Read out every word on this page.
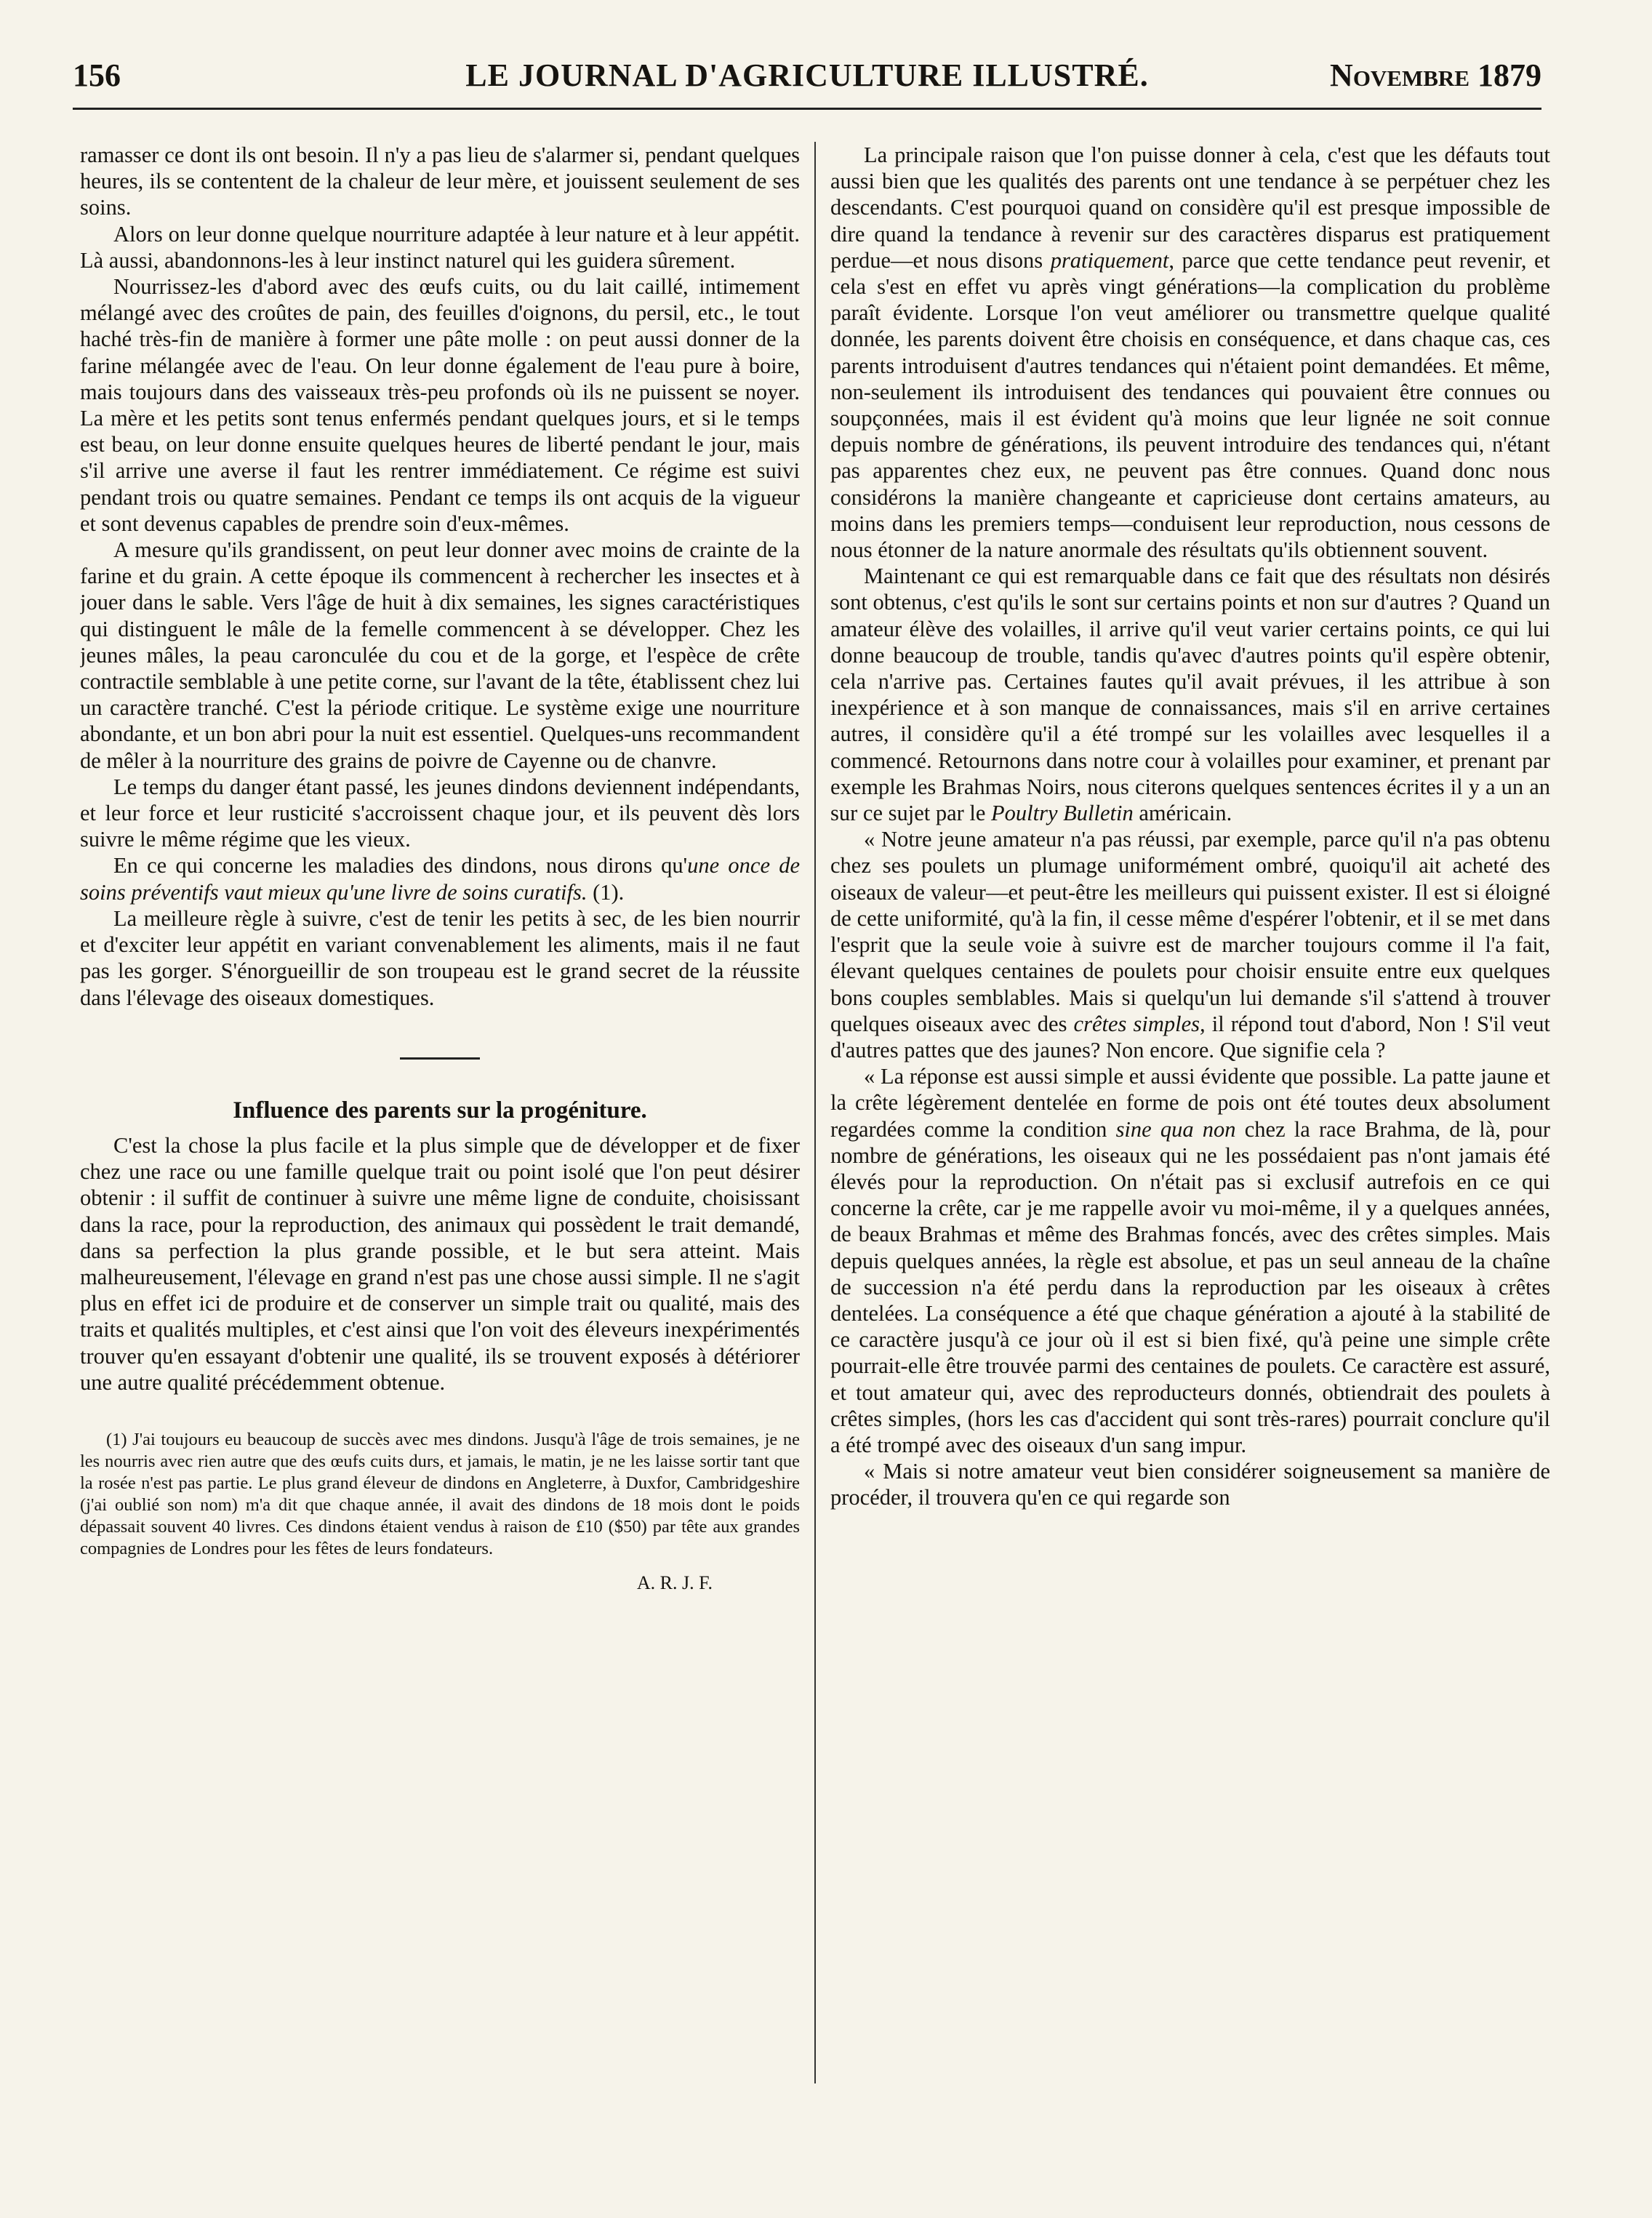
156	LE JOURNAL D'AGRICULTURE ILLUSTRÉ.	Novembre 1879

ramasser ce dont ils ont besoin. Il n'y a pas lieu de s'alarmer si, pendant quelques heures, ils se contentent de la chaleur de leur mère, et jouissent seulement de ses soins.

Alors on leur donne quelque nourriture adaptée à leur nature et à leur appétit. Là aussi, abandonnons-les à leur instinct naturel qui les guidera sûrement.

Nourrissez-les d'abord avec des œufs cuits, ou du lait caillé, intimement mélangé avec des croûtes de pain, des feuilles d'oignons, du persil, etc., le tout haché très-fin de manière à former une pâte molle : on peut aussi donner de la farine mélangée avec de l'eau. On leur donne également de l'eau pure à boire, mais toujours dans des vaisseaux très-peu profonds où ils ne puissent se noyer. La mère et les petits sont tenus enfermés pendant quelques jours, et si le temps est beau, on leur donne ensuite quelques heures de liberté pendant le jour, mais s'il arrive une averse il faut les rentrer immédiatement. Ce régime est suivi pendant trois ou quatre semaines. Pendant ce temps ils ont acquis de la vigueur et sont devenus capables de prendre soin d'eux-mêmes.

A mesure qu'ils grandissent, on peut leur donner avec moins de crainte de la farine et du grain. A cette époque ils commencent à rechercher les insectes et à jouer dans le sable. Vers l'âge de huit à dix semaines, les signes caractéristiques qui distinguent le mâle de la femelle commencent à se développer. Chez les jeunes mâles, la peau caronculée du cou et de la gorge, et l'espèce de crête contractile semblable à une petite corne, sur l'avant de la tête, établissent chez lui un caractère tranché. C'est la période critique. Le système exige une nourriture abondante, et un bon abri pour la nuit est essentiel. Quelques-uns recommandent de mêler à la nourriture des grains de poivre de Cayenne ou de chanvre.

Le temps du danger étant passé, les jeunes dindons deviennent indépendants, et leur force et leur rusticité s'accroissent chaque jour, et ils peuvent dès lors suivre le même régime que les vieux.

En ce qui concerne les maladies des dindons, nous dirons qu'une once de soins préventifs vaut mieux qu'une livre de soins curatifs. (1).

La meilleure règle à suivre, c'est de tenir les petits à sec, de les bien nourrir et d'exciter leur appétit en variant convenablement les aliments, mais il ne faut pas les gorger. S'énorgueillir de son troupeau est le grand secret de la réussite dans l'élevage des oiseaux domestiques.

Influence des parents sur la progéniture.

C'est la chose la plus facile et la plus simple que de développer et de fixer chez une race ou une famille quelque trait ou point isolé que l'on peut désirer obtenir : il suffit de continuer à suivre une même ligne de conduite, choisissant dans la race, pour la reproduction, des animaux qui possèdent le trait demandé, dans sa perfection la plus grande possible, et le but sera atteint. Mais malheureusement, l'élevage en grand n'est pas une chose aussi simple. Il ne s'agit plus en effet ici de produire et de conserver un simple trait ou qualité, mais des traits et qualités multiples, et c'est ainsi que l'on voit des éleveurs inexpérimentés trouver qu'en essayant d'obtenir une qualité, ils se trouvent exposés à détériorer une autre qualité précédemment obtenue.

(1) J'ai toujours eu beaucoup de succès avec mes dindons. Jusqu'à l'âge de trois semaines, je ne les nourris avec rien autre que des œufs cuits durs, et jamais, le matin, je ne les laisse sortir tant que la rosée n'est pas partie. Le plus grand éleveur de dindons en Angleterre, à Duxfor, Cambridgeshire (j'ai oublié son nom) m'a dit que chaque année, il avait des dindons de 18 mois dont le poids dépassait souvent 40 livres. Ces dindons étaient vendus à raison de £10 ($50) par tête aux grandes compagnies de Londres pour les fêtes de leurs fondateurs.

A. R. J. F.

La principale raison que l'on puisse donner à cela, c'est que les défauts tout aussi bien que les qualités des parents ont une tendance à se perpétuer chez les descendants. C'est pourquoi quand on considère qu'il est presque impossible de dire quand la tendance à revenir sur des caractères disparus est pratiquement perdue—et nous disons pratiquement, parce que cette tendance peut revenir, et cela s'est en effet vu après vingt générations—la complication du problème paraît évidente. Lorsque l'on veut améliorer ou transmettre quelque qualité donnée, les parents doivent être choisis en conséquence, et dans chaque cas, ces parents introduisent d'autres tendances qui n'étaient point demandées. Et même, non-seulement ils introduisent des tendances qui pouvaient être connues ou soupçonnées, mais il est évident qu'à moins que leur lignée ne soit connue depuis nombre de générations, ils peuvent introduire des tendances qui, n'étant pas apparentes chez eux, ne peuvent pas être connues. Quand donc nous considérons la manière changeante et capricieuse dont certains amateurs, au moins dans les premiers temps—conduisent leur reproduction, nous cessons de nous étonner de la nature anormale des résultats qu'ils obtiennent souvent.

Maintenant ce qui est remarquable dans ce fait que des résultats non désirés sont obtenus, c'est qu'ils le sont sur certains points et non sur d'autres ? Quand un amateur élève des volailles, il arrive qu'il veut varier certains points, ce qui lui donne beaucoup de trouble, tandis qu'avec d'autres points qu'il espère obtenir, cela n'arrive pas. Certaines fautes qu'il avait prévues, il les attribue à son inexpérience et à son manque de connaissances, mais s'il en arrive certaines autres, il considère qu'il a été trompé sur les volailles avec lesquelles il a commencé. Retournons dans notre cour à volailles pour examiner, et prenant par exemple les Brahmas Noirs, nous citerons quelques sentences écrites il y a un an sur ce sujet par le Poultry Bulletin américain.

« Notre jeune amateur n'a pas réussi, par exemple, parce qu'il n'a pas obtenu chez ses poulets un plumage uniformément ombré, quoiqu'il ait acheté des oiseaux de valeur—et peut-être les meilleurs qui puissent exister. Il est si éloigné de cette uniformité, qu'à la fin, il cesse même d'espérer l'obtenir, et il se met dans l'esprit que la seule voie à suivre est de marcher toujours comme il l'a fait, élevant quelques centaines de poulets pour choisir ensuite entre eux quelques bons couples semblables. Mais si quelqu'un lui demande s'il s'attend à trouver quelques oiseaux avec des crêtes simples, il répond tout d'abord, Non ! S'il veut d'autres pattes que des jaunes? Non encore. Que signifie cela ?

« La réponse est aussi simple et aussi évidente que possible. La patte jaune et la crête légèrement dentelée en forme de pois ont été toutes deux absolument regardées comme la condition sine qua non chez la race Brahma, de là, pour nombre de générations, les oiseaux qui ne les possédaient pas n'ont jamais été élevés pour la reproduction. On n'était pas si exclusif autrefois en ce qui concerne la crête, car je me rappelle avoir vu moi-même, il y a quelques années, de beaux Brahmas et même des Brahmas foncés, avec des crêtes simples. Mais depuis quelques années, la règle est absolue, et pas un seul anneau de la chaîne de succession n'a été perdu dans la reproduction par les oiseaux à crêtes dentelées. La conséquence a été que chaque génération a ajouté à la stabilité de ce caractère jusqu'à ce jour où il est si bien fixé, qu'à peine une simple crête pourrait-elle être trouvée parmi des centaines de poulets. Ce caractère est assuré, et tout amateur qui, avec des reproducteurs donnés, obtiendrait des poulets à crêtes simples, (hors les cas d'accident qui sont très-rares) pourrait conclure qu'il a été trompé avec des oiseaux d'un sang impur.

« Mais si notre amateur veut bien considérer soigneusement sa manière de procéder, il trouvera qu'en ce qui regarde son
